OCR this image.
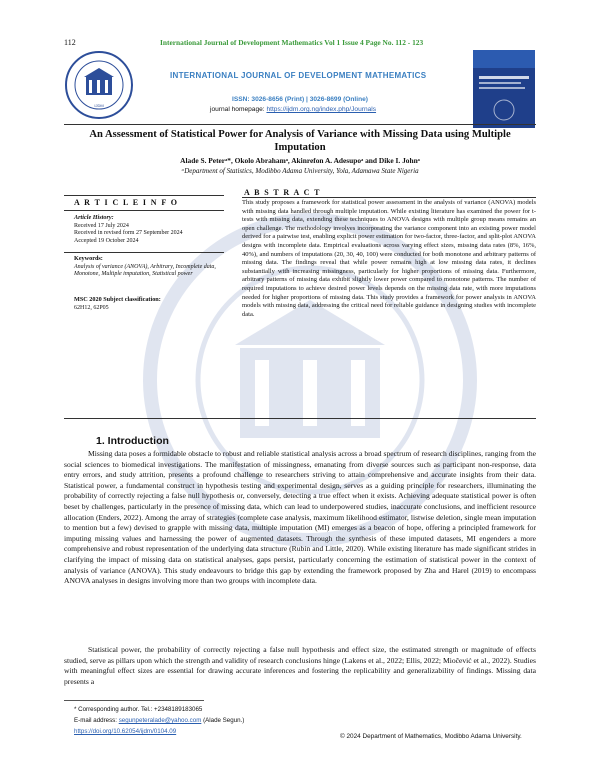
112	International Journal of Development Mathematics Vol 1 Issue 4 Page No. 112 - 123
IJDM
INTERNATIONAL JOURNAL OF DEVELOPMENT MATHEMATICS
ISSN: 3026-8656 (Print) | 3026-8699 (Online)
journal homepage: https://ijdm.org.ng/index.php/Journals
An Assessment of Statistical Power for Analysis of Variance with Missing Data using Multiple Imputation
Alade S. Peterᵃ*, Okolo Abrahamᵃ, Akinrefon A. Adesupoᵃ and Dike I. Johnᵃ
ᵃDepartment of Statistics, Modibbo Adama University, Yola, Adamawa State Nigeria
A R T I C L E I N F O
Article History:
Received 17 July 2024
Received in revised form 27 September 2024
Accepted 19 October 2024
Keywords:
Analysis of variance (ANOVA), Arbitrary, Incomplete data, Monotone, Multiple imputation, Statistical power
MSC 2020 Subject classification:
62H12, 62P05
A B S T R A C T
This study proposes a framework for statistical power assessment in the analysis of variance (ANOVA) models with missing data handled through multiple imputation. While existing literature has examined the power for t-tests with missing data, extending these techniques to ANOVA designs with multiple group means remains an open challenge. The methodology involves incorporating the variance component into an existing power model derived for a pairwise test, enabling explicit power estimation for two-factor, three-factor, and split-plot ANOVA designs with incomplete data. Empirical evaluations across varying effect sizes, missing data rates (8%, 16%, 40%), and numbers of imputations (20, 30, 40, 100) were conducted for both monotone and arbitrary patterns of missing data. The findings reveal that while power remains high at low missing data rates, it declines substantially with increasing missingness, particularly for higher proportions of missing data. Furthermore, arbitrary patterns of missing data exhibit slightly lower power compared to monotone patterns. The number of required imputations to achieve desired power levels depends on the missing data rate, with more imputations needed for higher proportions of missing data. This study provides a framework for power analysis in ANOVA models with missing data, addressing the critical need for reliable guidance in designing studies with incomplete data.
1. Introduction
Missing data poses a formidable obstacle to robust and reliable statistical analysis across a broad spectrum of research disciplines, ranging from the social sciences to biomedical investigations. The manifestation of missingness, emanating from diverse sources such as participant non-response, data entry errors, and study attrition, presents a profound challenge to researchers striving to attain comprehensive and accurate insights from their data. Statistical power, a fundamental construct in hypothesis testing and experimental design, serves as a guiding principle for researchers, illuminating the probability of correctly rejecting a false null hypothesis or, conversely, detecting a true effect when it exists. Achieving adequate statistical power is often beset by challenges, particularly in the presence of missing data, which can lead to underpowered studies, inaccurate conclusions, and inefficient resource allocation (Enders, 2022). Among the array of strategies (complete case analysis, maximum likelihood estimator, listwise deletion, single mean imputation to mention but a few) devised to grapple with missing data, multiple imputation (MI) emerges as a beacon of hope, offering a principled framework for imputing missing values and harnessing the power of augmented datasets. Through the synthesis of these imputed datasets, MI engenders a more comprehensive and robust representation of the underlying data structure (Rubin and Little, 2020). While existing literature has made significant strides in clarifying the impact of missing data on statistical analyses, gaps persist, particularly concerning the estimation of statistical power in the context of analysis of variance (ANOVA). This study endeavours to bridge this gap by extending the framework proposed by Zha and Harel (2019) to encompass ANOVA analyses in designs involving more than two groups with incomplete data.
Statistical power, the probability of correctly rejecting a false null hypothesis and effect size, the estimated strength or magnitude of effects studied, serve as pillars upon which the strength and validity of research conclusions hinge (Lakens et al., 2022; Ellis, 2022; Miočević et al., 2022). Studies with meaningful effect sizes are essential for drawing accurate inferences and fostering the replicability and generalizability of findings. Missing data presents a
* Corresponding author. Tel.: +2348189183065
E-mail address: segunpeteralade@yahoo.com (Alade Segun.)
https://doi.org/10.62054/ijdm/0104.09
© 2024 Department of Mathematics, Modibbo Adama University.
